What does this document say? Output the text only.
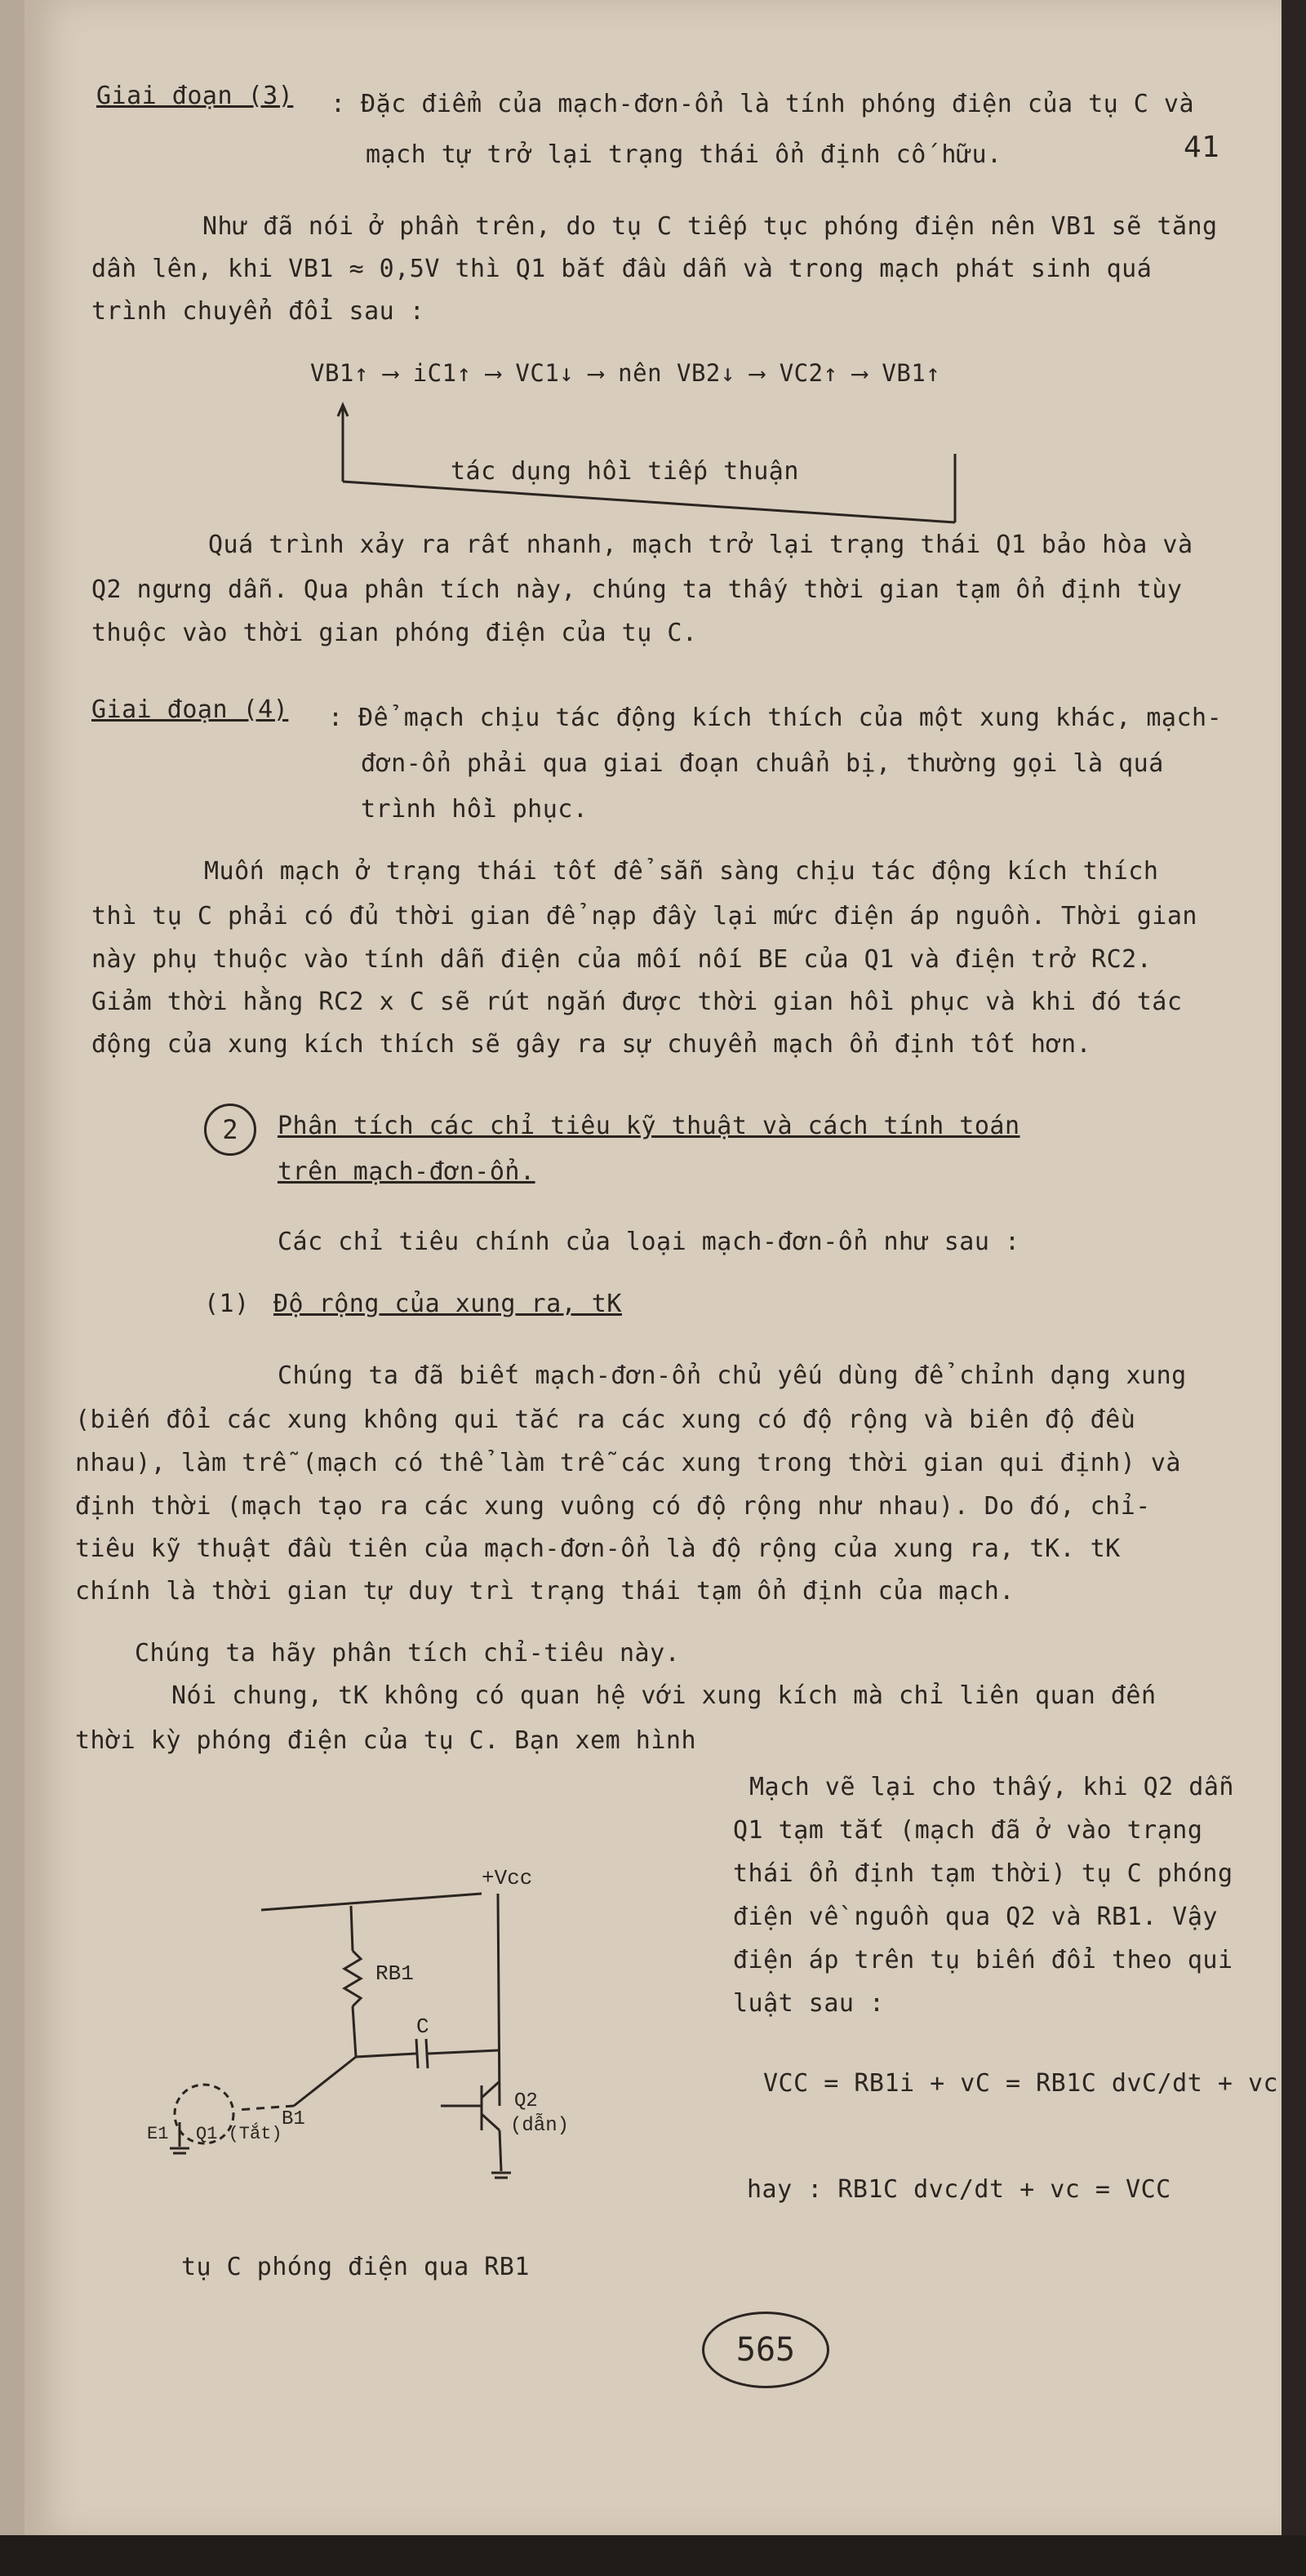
41
Giai đoạn (3) : Đặc điểm của mạch-đơn-ổn là tính phóng điện của tụ C và
mạch tự trở lại trạng thái ổn định cố hữu.
Như đã nói ở phần trên, do tụ C tiếp tục phóng điện nên VB1 sẽ tăng
dần lên, khi VB1 ≈ 0,5V thì Q1 bắt đầu dẫn và trong mạch phát sinh quá
trình chuyển đổi sau :
VB1↑ ⟶ iC1↑ ⟶ VC1↓ ⟶ nên VB2↓ ⟶ VC2↑ ⟶ VB1↑
tác dụng hồi tiếp thuận
Quá trình xảy ra rất nhanh, mạch trở lại trạng thái Q1 bảo hòa và
Q2 ngưng dẫn. Qua phân tích này, chúng ta thấy thời gian tạm ổn định tùy
thuộc vào thời gian phóng điện của tụ C.
Giai đoạn (4) : Để mạch chịu tác động kích thích của một xung khác, mạch-
đơn-ổn phải qua giai đoạn chuẩn bị, thường gọi là quá
trình hồi phục.
Muốn mạch ở trạng thái tốt để sẵn sàng chịu tác động kích thích
thì tụ C phải có đủ thời gian để nạp đầy lại mức điện áp nguồn. Thời gian
này phụ thuộc vào tính dẫn điện của mối nối BE của Q1 và điện trở RC2.
Giảm thời hằng RC2 x C sẽ rút ngắn được thời gian hồi phục và khi đó tác
động của xung kích thích sẽ gây ra sự chuyển mạch ổn định tốt hơn.
2	Phân tích các chỉ tiêu kỹ thuật và cách tính toán
trên mạch-đơn-ổn.
Các chỉ tiêu chính của loại mạch-đơn-ổn như sau :
(1) Độ rộng của xung ra, tK
Chúng ta đã biết mạch-đơn-ổn chủ yếu dùng để chỉnh dạng xung
(biến đổi các xung không qui tắc ra các xung có độ rộng và biên độ đều
nhau), làm trễ (mạch có thể làm trễ các xung trong thời gian qui định) và
định thời (mạch tạo ra các xung vuông có độ rộng như nhau). Do đó, chỉ-
tiêu kỹ thuật đầu tiên của mạch-đơn-ổn là độ rộng của xung ra, tK. tK
chính là thời gian tự duy trì trạng thái tạm ổn định của mạch.
Chúng ta hãy phân tích chỉ-tiêu này.
Nói chung, tK không có quan hệ với xung kích mà chỉ liên quan đến
thời kỳ phóng điện của tụ C. Bạn xem hình
Mạch vẽ lại cho thấy, khi Q2 dẫn
Q1 tạm tắt (mạch đã ở vào trạng
thái ổn định tạm thời) tụ C phóng
điện về nguồn qua Q2 và RB1. Vậy
điện áp trên tụ biến đổi theo qui
luật sau :
VCC = RB1i + vC = RB1C dvC/dt + vc
hay : RB1C dvc/dt + vc = VCC
+Vcc
RB1
C
B1
E1 Q1 (Tắt)
Q2
(dẫn)
tụ C phóng điện qua RB1
565
